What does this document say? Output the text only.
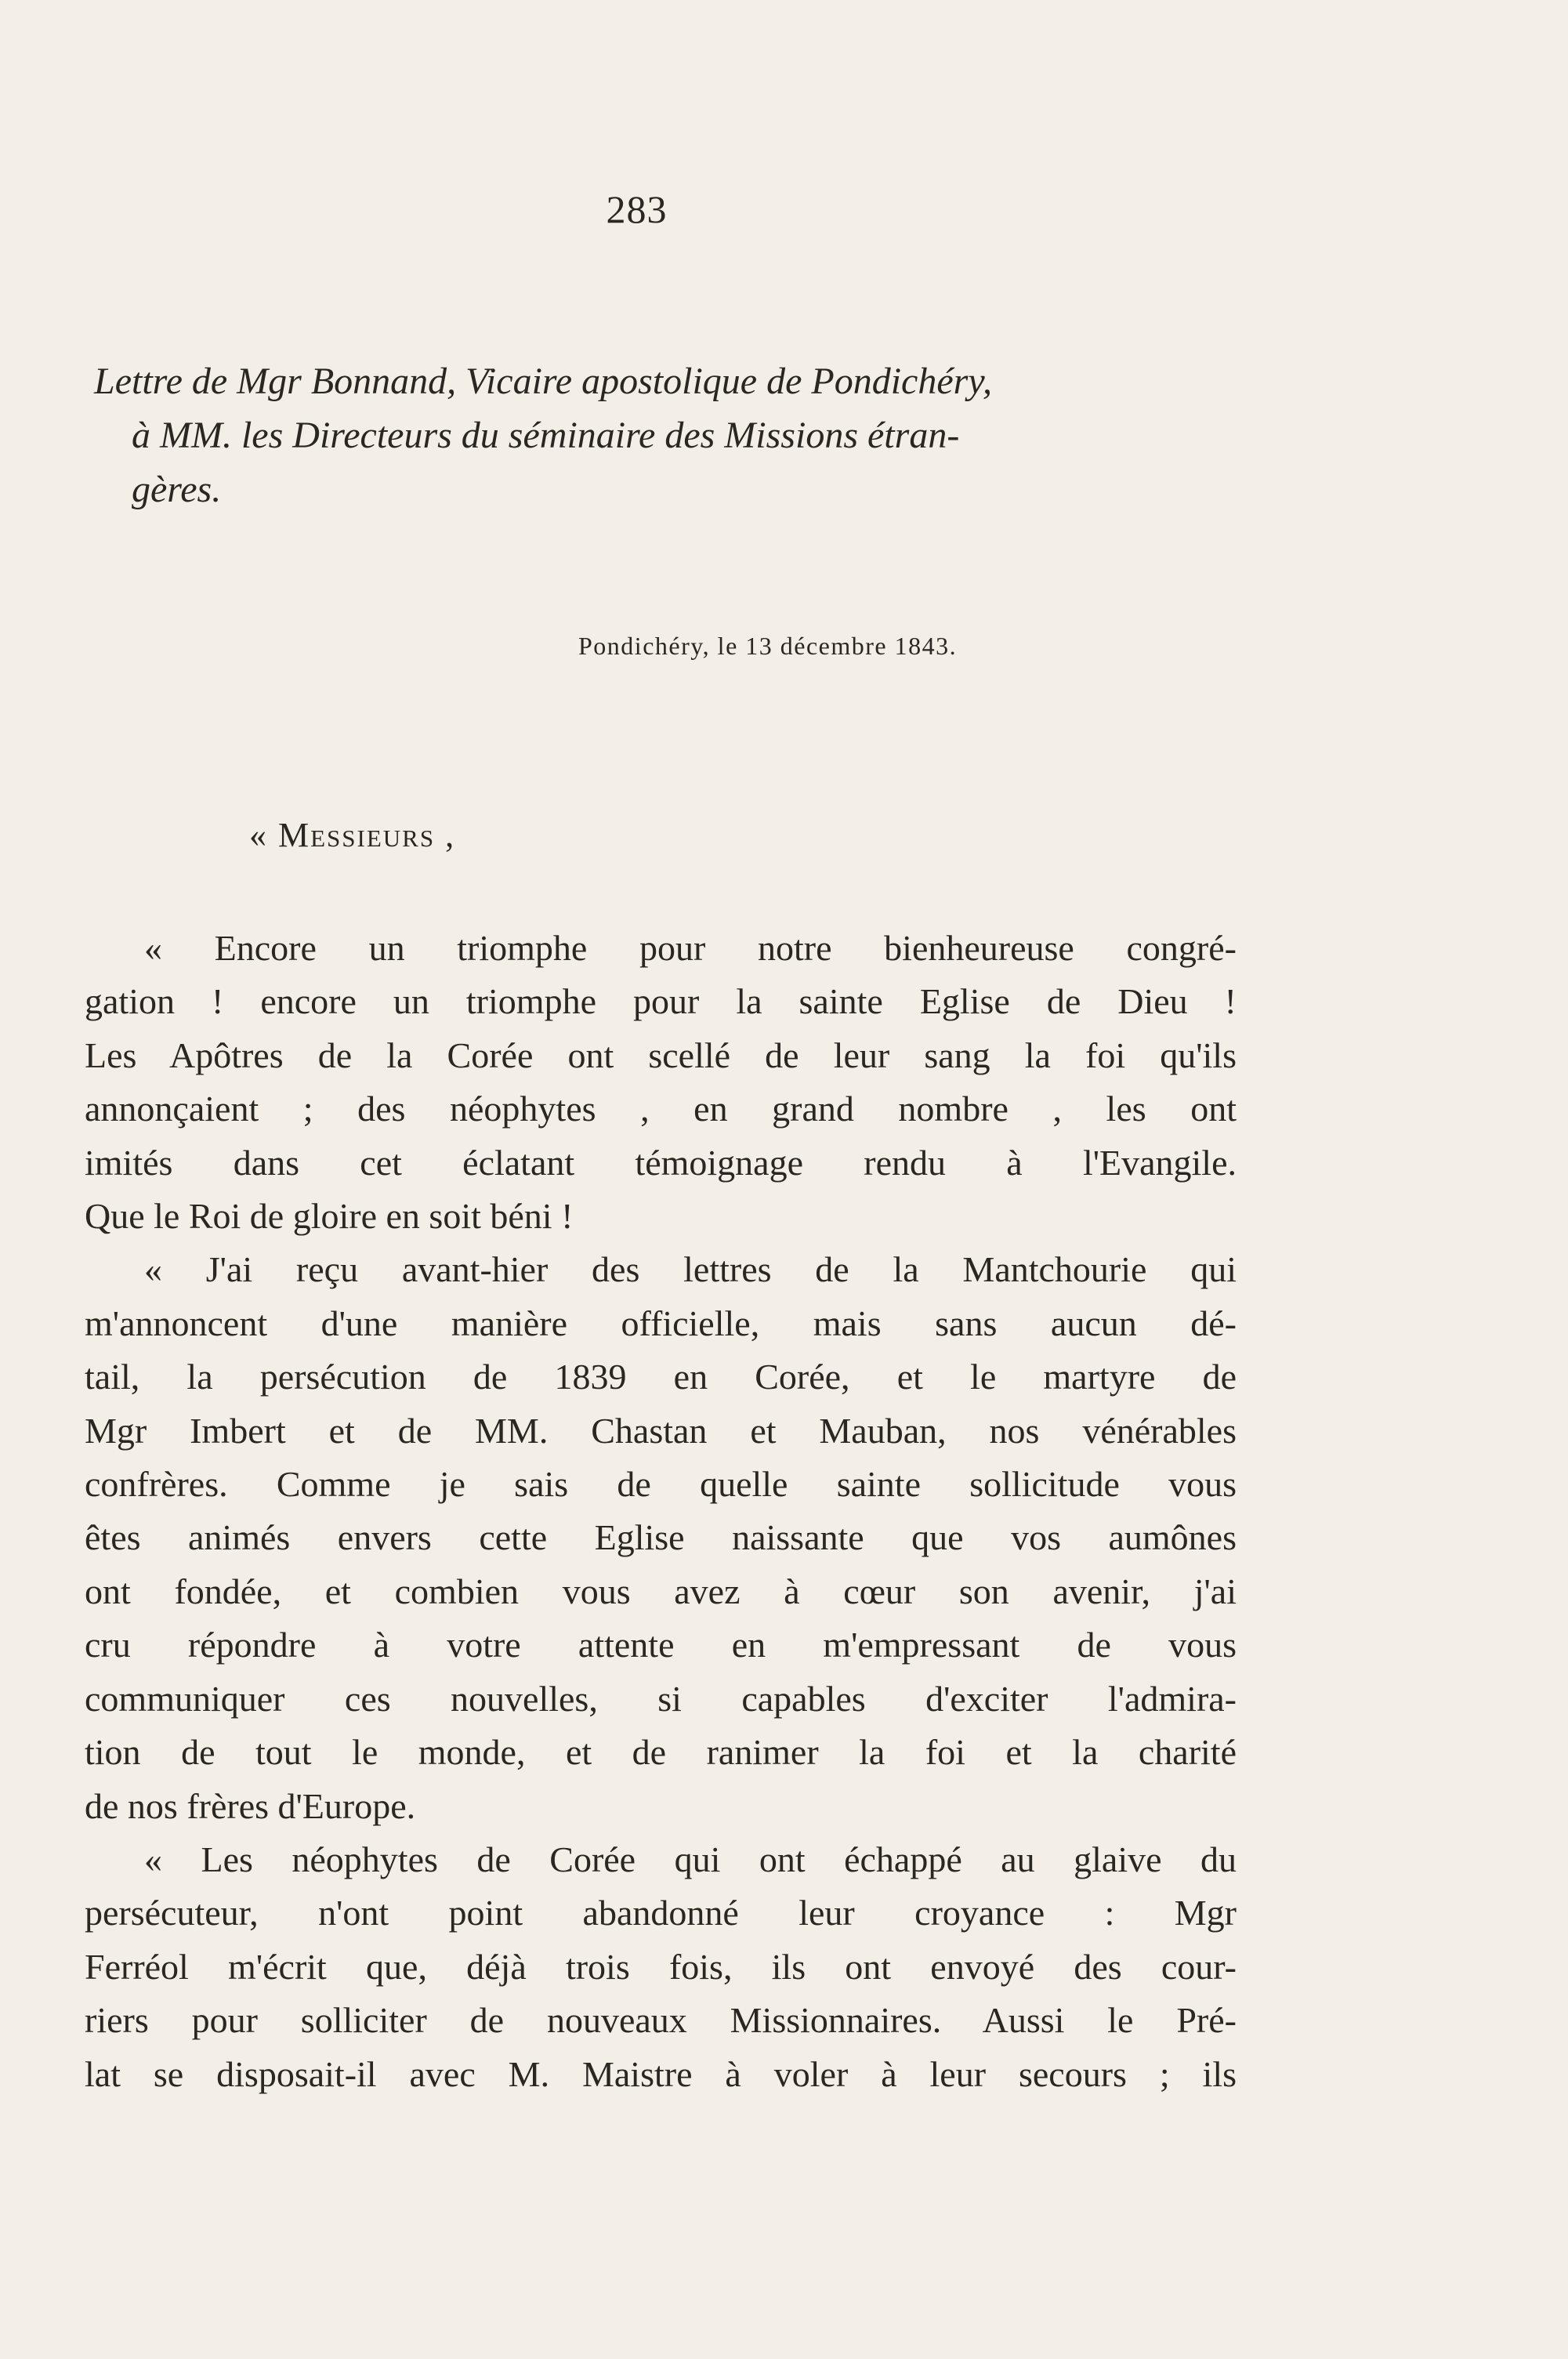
283
Lettre de Mgr Bonnand, Vicaire apostolique de Pondichéry,
à MM. les Directeurs du séminaire des Missions étran-
gères.
Pondichéry, le 13 décembre 1843.
« Messieurs ,
« Encore un triomphe pour notre bienheureuse congré-
gation ! encore un triomphe pour la sainte Eglise de Dieu !
Les Apôtres de la Corée ont scellé de leur sang la foi qu'ils
annonçaient ; des néophytes , en grand nombre , les ont
imités dans cet éclatant témoignage rendu à l'Evangile.
Que le Roi de gloire en soit béni !
« J'ai reçu avant-hier des lettres de la Mantchourie qui
m'annoncent d'une manière officielle, mais sans aucun dé-
tail, la persécution de 1839 en Corée, et le martyre de
Mgr Imbert et de MM. Chastan et Mauban, nos vénérables
confrères. Comme je sais de quelle sainte sollicitude vous
êtes animés envers cette Eglise naissante que vos aumônes
ont fondée, et combien vous avez à cœur son avenir, j'ai
cru répondre à votre attente en m'empressant de vous
communiquer ces nouvelles, si capables d'exciter l'admira-
tion de tout le monde, et de ranimer la foi et la charité
de nos frères d'Europe.
« Les néophytes de Corée qui ont échappé au glaive du
persécuteur, n'ont point abandonné leur croyance : Mgr
Ferréol m'écrit que, déjà trois fois, ils ont envoyé des cour-
riers pour solliciter de nouveaux Missionnaires. Aussi le Pré-
lat se disposait-il avec M. Maistre à voler à leur secours ; ils
